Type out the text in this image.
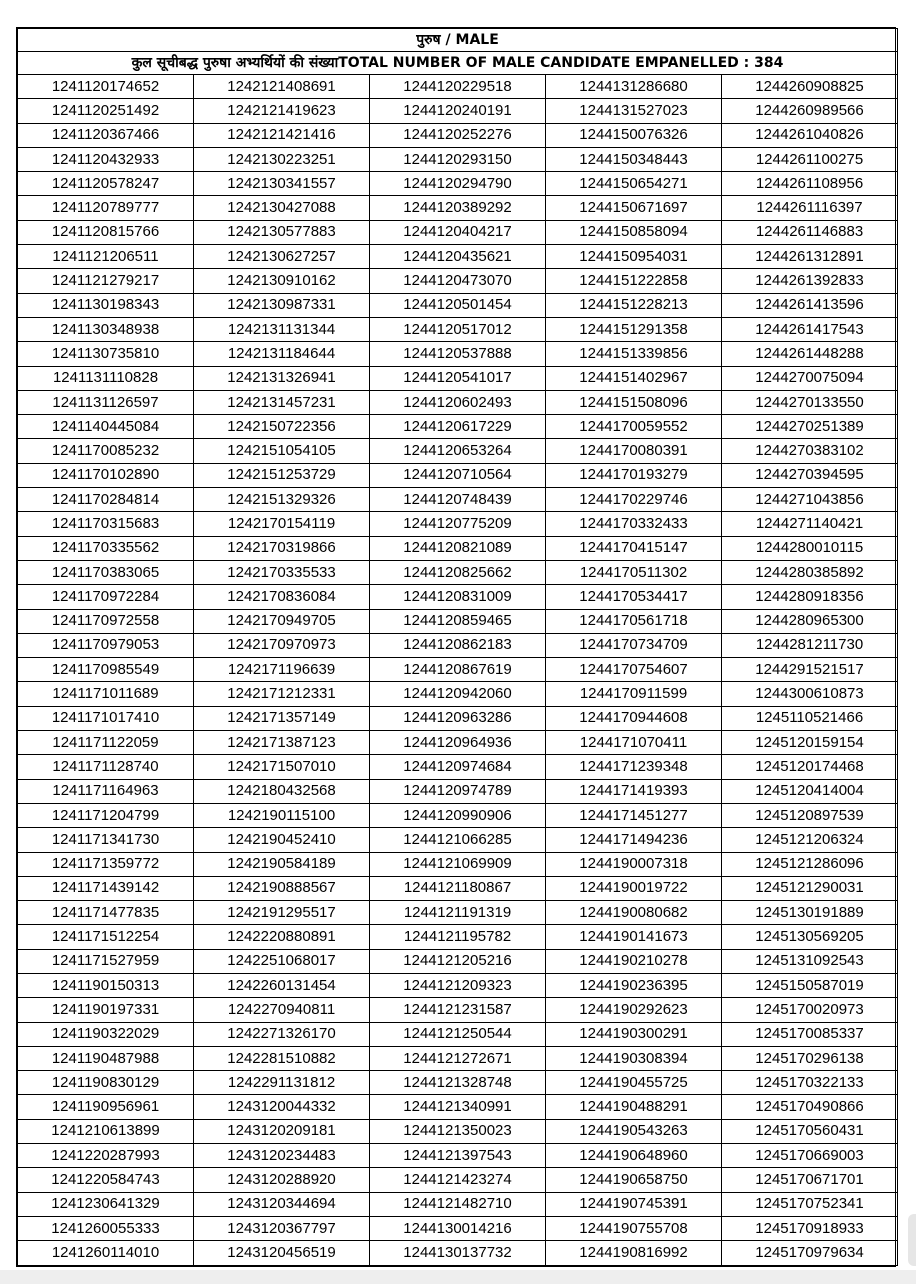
पुरुष / MALE				
कुल सूचीबद्ध पुरुषा अभ्यर्थियों की संख्याTOTAL NUMBER OF MALE CANDIDATE EMPANELLED : 384				
1241120174652	1242121408691	1244120229518	1244131286680	1244260908825
1241120251492	1242121419623	1244120240191	1244131527023	1244260989566
1241120367466	1242121421416	1244120252276	1244150076326	1244261040826
1241120432933	1242130223251	1244120293150	1244150348443	1244261100275
1241120578247	1242130341557	1244120294790	1244150654271	1244261108956
1241120789777	1242130427088	1244120389292	1244150671697	1244261116397
1241120815766	1242130577883	1244120404217	1244150858094	1244261146883
1241121206511	1242130627257	1244120435621	1244150954031	1244261312891
1241121279217	1242130910162	1244120473070	1244151222858	1244261392833
1241130198343	1242130987331	1244120501454	1244151228213	1244261413596
1241130348938	1242131131344	1244120517012	1244151291358	1244261417543
1241130735810	1242131184644	1244120537888	1244151339856	1244261448288
1241131110828	1242131326941	1244120541017	1244151402967	1244270075094
1241131126597	1242131457231	1244120602493	1244151508096	1244270133550
1241140445084	1242150722356	1244120617229	1244170059552	1244270251389
1241170085232	1242151054105	1244120653264	1244170080391	1244270383102
1241170102890	1242151253729	1244120710564	1244170193279	1244270394595
1241170284814	1242151329326	1244120748439	1244170229746	1244271043856
1241170315683	1242170154119	1244120775209	1244170332433	1244271140421
1241170335562	1242170319866	1244120821089	1244170415147	1244280010115
1241170383065	1242170335533	1244120825662	1244170511302	1244280385892
1241170972284	1242170836084	1244120831009	1244170534417	1244280918356
1241170972558	1242170949705	1244120859465	1244170561718	1244280965300
1241170979053	1242170970973	1244120862183	1244170734709	1244281211730
1241170985549	1242171196639	1244120867619	1244170754607	1244291521517
1241171011689	1242171212331	1244120942060	1244170911599	1244300610873
1241171017410	1242171357149	1244120963286	1244170944608	1245110521466
1241171122059	1242171387123	1244120964936	1244171070411	1245120159154
1241171128740	1242171507010	1244120974684	1244171239348	1245120174468
1241171164963	1242180432568	1244120974789	1244171419393	1245120414004
1241171204799	1242190115100	1244120990906	1244171451277	1245120897539
1241171341730	1242190452410	1244121066285	1244171494236	1245121206324
1241171359772	1242190584189	1244121069909	1244190007318	1245121286096
1241171439142	1242190888567	1244121180867	1244190019722	1245121290031
1241171477835	1242191295517	1244121191319	1244190080682	1245130191889
1241171512254	1242220880891	1244121195782	1244190141673	1245130569205
1241171527959	1242251068017	1244121205216	1244190210278	1245131092543
1241190150313	1242260131454	1244121209323	1244190236395	1245150587019
1241190197331	1242270940811	1244121231587	1244190292623	1245170020973
1241190322029	1242271326170	1244121250544	1244190300291	1245170085337
1241190487988	1242281510882	1244121272671	1244190308394	1245170296138
1241190830129	1242291131812	1244121328748	1244190455725	1245170322133
1241190956961	1243120044332	1244121340991	1244190488291	1245170490866
1241210613899	1243120209181	1244121350023	1244190543263	1245170560431
1241220287993	1243120234483	1244121397543	1244190648960	1245170669003
1241220584743	1243120288920	1244121423274	1244190658750	1245170671701
1241230641329	1243120344694	1244121482710	1244190745391	1245170752341
1241260055333	1243120367797	1244130014216	1244190755708	1245170918933
1241260114010	1243120456519	1244130137732	1244190816992	1245170979634
